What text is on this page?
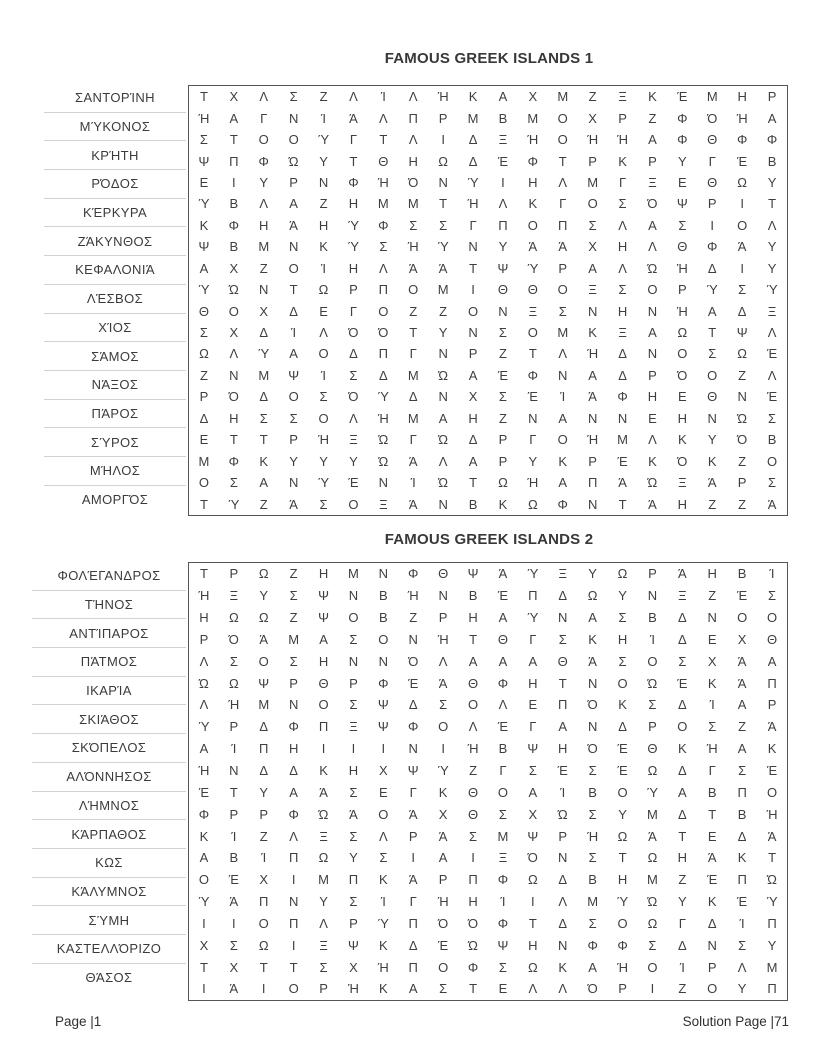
FAMOUS GREEK ISLANDS 1
ΣΑΝΤΟΡΊΝΗ
ΜΎΚΟΝΟΣ
ΚΡΉΤΗ
ΡΌΔΟΣ
ΚΈΡΚΥΡΑ
ΖΆΚΥΝΘΟΣ
ΚΕΦΑΛΟΝΙΆ
ΛΈΣΒΟΣ
ΧΊΟΣ
ΣΆΜΟΣ
ΝΆΞΟΣ
ΠΆΡΟΣ
ΣΎΡΟΣ
ΜΉΛΟΣ
ΑΜΟΡΓΌΣ
Τ	Χ	Λ	Σ	Ζ	Λ	Ί	Λ	Ή	Κ	Α	Χ	Μ	Ζ	Ξ	Κ	Έ	Μ	Η	Ρ
Ή	Α	Γ	Ν	Ί	Ά	Λ	Π	Ρ	Μ	Β	Μ	Ο	Χ	Ρ	Ζ	Φ	Ό	Ή	Α
Σ	Τ	Ο	Ο	Ύ	Γ	Τ	Λ	Ι	Δ	Ξ	Ή	Ο	Ή	Ή	Α	Φ	Θ	Φ	Φ
Ψ	Π	Φ	Ώ	Υ	Τ	Θ	Η	Ω	Δ	Έ	Φ	Τ	Ρ	Κ	Ρ	Υ	Γ	Έ	Β
Ε	Ι	Υ	Ρ	Ν	Φ	Ή	Ό	Ν	Ύ	Ι	Η	Λ	Μ	Γ	Ξ	Ε	Θ	Ω	Υ
Ύ	Β	Λ	Α	Ζ	Η	Μ	Μ	Τ	Ή	Λ	Κ	Γ	Ο	Σ	Ό	Ψ	Ρ	Ι	Τ
Κ	Φ	Η	Ά	Η	Ύ	Φ	Σ	Σ	Γ	Π	Ο	Π	Σ	Λ	Α	Σ	Ι	Ο	Λ
Ψ	Β	Μ	Ν	Κ	Ύ	Σ	Ή	Ύ	Ν	Υ	Ά	Ά	Χ	Η	Λ	Θ	Φ	Ά	Υ
Α	Χ	Ζ	Ο	Ί	Η	Λ	Ά	Ά	Τ	Ψ	Ύ	Ρ	Α	Λ	Ώ	Ή	Δ	Ι	Υ
Ύ	Ώ	Ν	Τ	Ω	Ρ	Π	Ο	Μ	Ι	Θ	Θ	Ο	Ξ	Σ	Ο	Ρ	Ύ	Σ	Ύ
Θ	Ο	Χ	Δ	Ε	Γ	Ο	Ζ	Ζ	Ο	Ν	Ξ	Σ	Ν	Η	Ν	Ή	Α	Δ	Ξ
Σ	Χ	Δ	Ί	Λ	Ό	Ό	Τ	Υ	Ν	Σ	Ο	Μ	Κ	Ξ	Α	Ω	Τ	Ψ	Λ
Ω	Λ	Ύ	Α	Ο	Δ	Π	Γ	Ν	Ρ	Ζ	Τ	Λ	Ή	Δ	Ν	Ο	Σ	Ω	Έ
Ζ	Ν	Μ	Ψ	Ί	Σ	Δ	Μ	Ώ	Α	Έ	Φ	Ν	Α	Δ	Ρ	Ό	Ο	Ζ	Λ
Ρ	Ό	Δ	Ο	Σ	Ό	Ύ	Δ	Ν	Χ	Σ	Έ	Ί	Ά	Φ	Η	Ε	Θ	Ν	Έ
Δ	Η	Σ	Σ	Ο	Λ	Ή	Μ	Α	Η	Ζ	Ν	Α	Ν	Ν	Ε	Η	Ν	Ώ	Σ
Ε	Τ	Τ	Ρ	Ή	Ξ	Ώ	Γ	Ώ	Δ	Ρ	Γ	Ο	Ή	Μ	Λ	Κ	Υ	Ό	Β
Μ	Φ	Κ	Υ	Υ	Υ	Ώ	Ά	Λ	Α	Ρ	Υ	Κ	Ρ	Έ	Κ	Ό	Κ	Ζ	Ο
Ο	Σ	Α	Ν	Ύ	Έ	Ν	Ί	Ώ	Τ	Ω	Ή	Α	Π	Ά	Ώ	Ξ	Ά	Ρ	Σ
Τ	Ύ	Ζ	Ά	Σ	Ο	Ξ	Ά	Ν	Β	Κ	Ω	Φ	Ν	Τ	Ά	Η	Ζ	Ζ	Ά
FAMOUS GREEK ISLANDS 2
ΦΟΛΈΓΑΝΔΡΟΣ
ΤΉΝΟΣ
ΑΝΤΊΠΑΡΟΣ
ΠΆΤΜΟΣ
ΙΚΑΡΊΑ
ΣΚΙΆΘΟΣ
ΣΚΌΠΕΛΟΣ
ΑΛΌΝΝΗΣΟΣ
ΛΉΜΝΟΣ
ΚΆΡΠΑΘΟΣ
ΚΩΣ
ΚΆΛΥΜΝΟΣ
ΣΎΜΗ
ΚΑΣΤΕΛΛΌΡΙΖΟ
ΘΆΣΟΣ
Τ	Ρ	Ω	Ζ	Η	Μ	Ν	Φ	Θ	Ψ	Ά	Ύ	Ξ	Υ	Ω	Ρ	Ά	Η	Β	Ί
Ή	Ξ	Υ	Σ	Ψ	Ν	Β	Ή	Ν	Β	Έ	Π	Δ	Ω	Υ	Ν	Ξ	Ζ	Έ	Σ
Η	Ω	Ω	Ζ	Ψ	Ο	Β	Ζ	Ρ	Η	Α	Ύ	Ν	Α	Σ	Β	Δ	Ν	Ο	Ο
Ρ	Ό	Ά	Μ	Α	Σ	Ο	Ν	Ή	Τ	Θ	Γ	Σ	Κ	Η	Ί	Δ	Ε	Χ	Θ
Λ	Σ	Ο	Σ	Η	Ν	Ν	Ό	Λ	Α	Α	Α	Θ	Ά	Σ	Ο	Σ	Χ	Ά	Α
Ώ	Ω	Ψ	Ρ	Θ	Ρ	Φ	Έ	Ά	Θ	Φ	Η	Τ	Ν	Ο	Ώ	Έ	Κ	Ά	Π
Λ	Ή	Μ	Ν	Ο	Σ	Ψ	Δ	Σ	Ο	Λ	Ε	Π	Ό	Κ	Σ	Δ	Ί	Α	Ρ
Ύ	Ρ	Δ	Φ	Π	Ξ	Ψ	Φ	Ο	Λ	Έ	Γ	Α	Ν	Δ	Ρ	Ο	Σ	Ζ	Ά
Α	Ί	Π	Η	Ι	Ι	Ι	Ν	Ι	Ή	Β	Ψ	Η	Ό	Έ	Θ	Κ	Ή	Α	Κ
Ή	Ν	Δ	Δ	Κ	Η	Χ	Ψ	Ύ	Ζ	Γ	Σ	Έ	Σ	Έ	Ω	Δ	Γ	Σ	Έ
Έ	Τ	Υ	Α	Ά	Σ	Ε	Γ	Κ	Θ	Ο	Α	Ί	Β	Ο	Ύ	Α	Β	Π	Ο
Φ	Ρ	Ρ	Φ	Ώ	Ά	Ο	Ά	Χ	Θ	Σ	Χ	Ώ	Σ	Υ	Μ	Δ	Τ	Β	Ή
Κ	Ί	Ζ	Λ	Ξ	Σ	Λ	Ρ	Ά	Σ	Μ	Ψ	Ρ	Ή	Ω	Ά	Τ	Ε	Δ	Ά
Α	Β	Ί	Π	Ω	Υ	Σ	Ι	Α	Ι	Ξ	Ό	Ν	Σ	Τ	Ω	Η	Ά	Κ	Τ
Ο	Έ	Χ	Ι	Μ	Π	Κ	Ά	Ρ	Π	Φ	Ω	Δ	Β	Η	Μ	Ζ	Έ	Π	Ώ
Ύ	Ά	Π	Ν	Υ	Σ	Ί	Γ	Ή	Η	Ί	Ι	Λ	Μ	Ύ	Ώ	Υ	Κ	Έ	Ύ
Ι	Ι	Ο	Π	Λ	Ρ	Ύ	Π	Ό	Ό	Φ	Τ	Δ	Σ	Ο	Ω	Γ	Δ	Ί	Π
Χ	Σ	Ω	Ι	Ξ	Ψ	Κ	Δ	Έ	Ώ	Ψ	Η	Ν	Φ	Φ	Σ	Δ	Ν	Σ	Υ
Τ	Χ	Τ	Τ	Σ	Χ	Ή	Π	Ο	Φ	Σ	Ω	Κ	Α	Ή	Ο	Ί	Ρ	Λ	Μ
Ι	Ά	Ι	Ο	Ρ	Ή	Κ	Α	Σ	Τ	Ε	Λ	Λ	Ό	Ρ	Ι	Ζ	Ο	Υ	Π
Page |1	Solution Page |71
